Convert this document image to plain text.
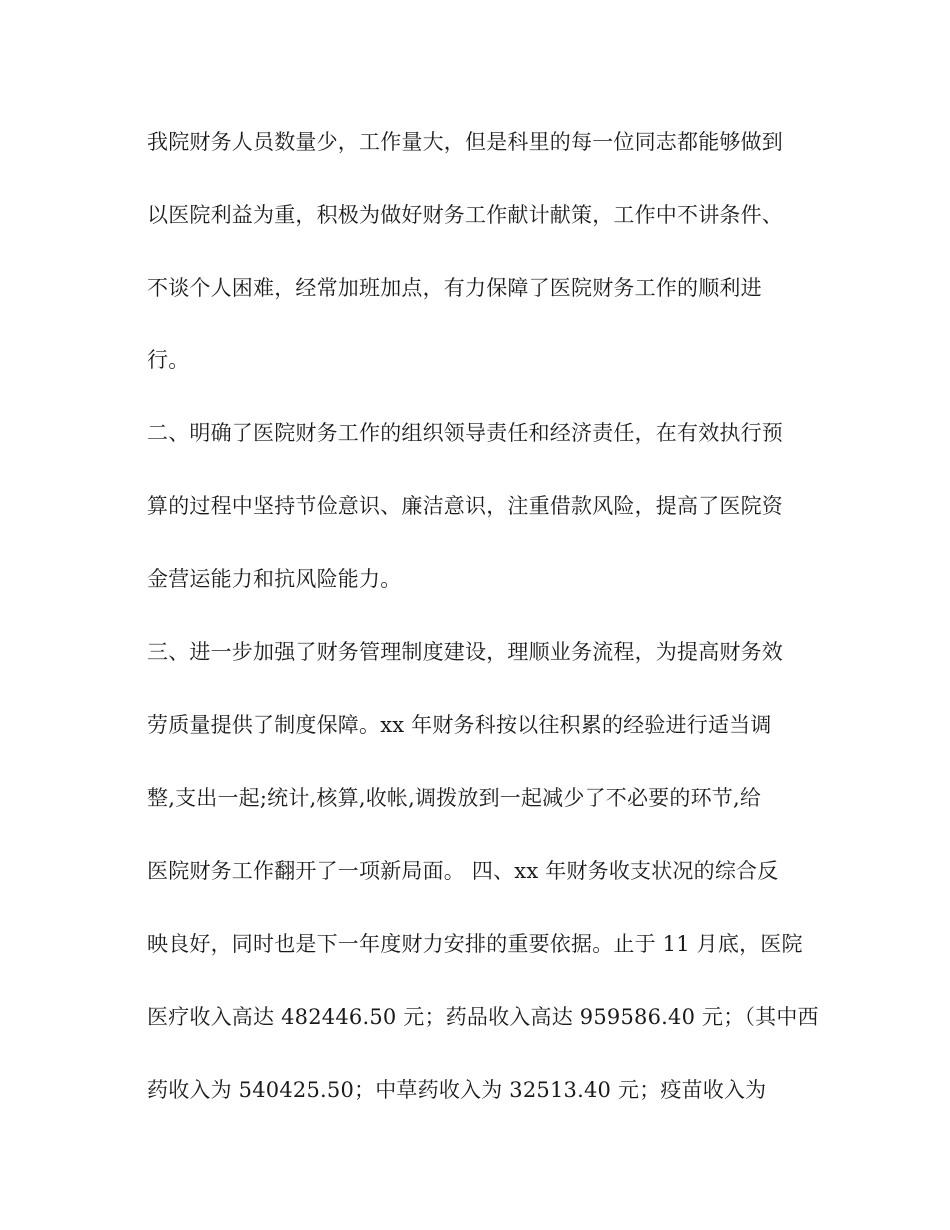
我院财务人员数量少，工作量大，但是科里的每一位同志都能够做到

以医院利益为重，积极为做好财务工作献计献策，工作中不讲条件、

不谈个人困难，经常加班加点，有力保障了医院财务工作的顺利进

行。

二、明确了医院财务工作的组织领导责任和经济责任，在有效执行预

算的过程中坚持节俭意识、廉洁意识，注重借款风险，提高了医院资

金营运能力和抗风险能力。

三、进一步加强了财务管理制度建设，理顺业务流程，为提高财务效

劳质量提供了制度保障。xx 年财务科按以往积累的经验进行适当调

整,支出一起;统计,核算,收帐,调拨放到一起减少了不必要的环节,给

医院财务工作翻开了一项新局面。 四、xx 年财务收支状况的综合反

映良好，同时也是下一年度财力安排的重要依据。止于 11 月底，医院

医疗收入高达 482446.50 元；药品收入高达 959586.40 元；（其中西

药收入为 540425.50；中草药收入为 32513.40 元；疫苗收入为
